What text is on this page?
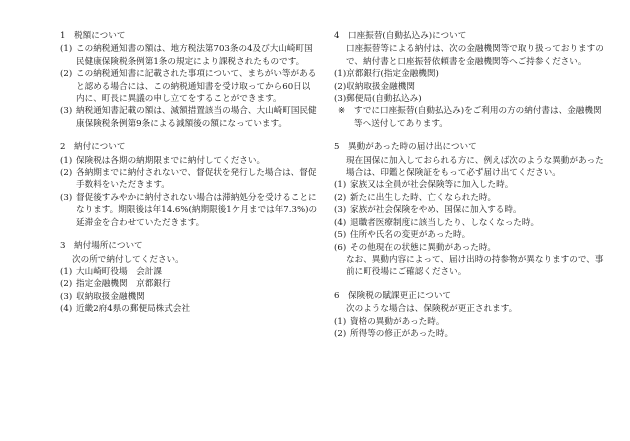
1　税額について
(1) この納税通知書の額は、地方税法第703条の4及び大山崎町国民健康保険税条例第1条の規定により課税されたものです。
(2) この納税通知書に記載された事項について、まちがい等があると認める場合には、この納税通知書を受け取ってから60日以内に、町長に異議の申し立てをすることができます。
(3) 納税通知書記載の額は、減額措置該当の場合、大山崎町国民健康保険税条例第9条による減額後の額になっています。
2　納付について
(1) 保険税は各期の納期限までに納付してください。
(2) 各納期までに納付されないで、督促状を発行した場合は、督促手数料をいただきます。
(3) 督促後すみやかに納付されない場合は滞納処分を受けることになります。期限後は年14.6%(納期限後1ケ月までは年7.3%)の延滞金を合わせていただきます。
3　納付場所について
次の所で納付してください。
(1) 大山崎町役場　会計課
(2) 指定金融機関　京都銀行
(3) 収納取扱金融機関
(4) 近畿2府4県の郵便局株式会社
4　口座振替(自動払込み)について
口座振替等による納付は、次の金融機関等で取り扱っておりますので、納付書と口座振替依頼書を金融機関等へご持参ください。
(1)京都銀行(指定金融機関)
(2)収納取扱金融機関
(3)郵便局(自動払込み)
※	すでに口座振替(自動払込み)をご利用の方の納付書は、金融機関等へ送付してあります。
5　異動があった時の届け出について
現在国保に加入しておられる方に、例えば次のような異動があった場合は、印鑑と保険証をもって必ず届け出てください。
(1) 家族又は全員が社会保険等に加入した時。
(2) 新たに出生した時、亡くなられた時。
(3) 家族が社会保険をやめ、国保に加入する時。
(4) 退職者医療制度に該当したり、しなくなった時。
(5) 住所や氏名の変更があった時。
(6) その他現在の状態に異動があった時。
なお、異動内容によって、届け出時の持参物が異なりますので、事前に町役場にご確認ください。
6　保険税の賦課更正について
次のような場合は、保険税が更正されます。
(1) 資格の異動があった時。
(2) 所得等の修正があった時。
